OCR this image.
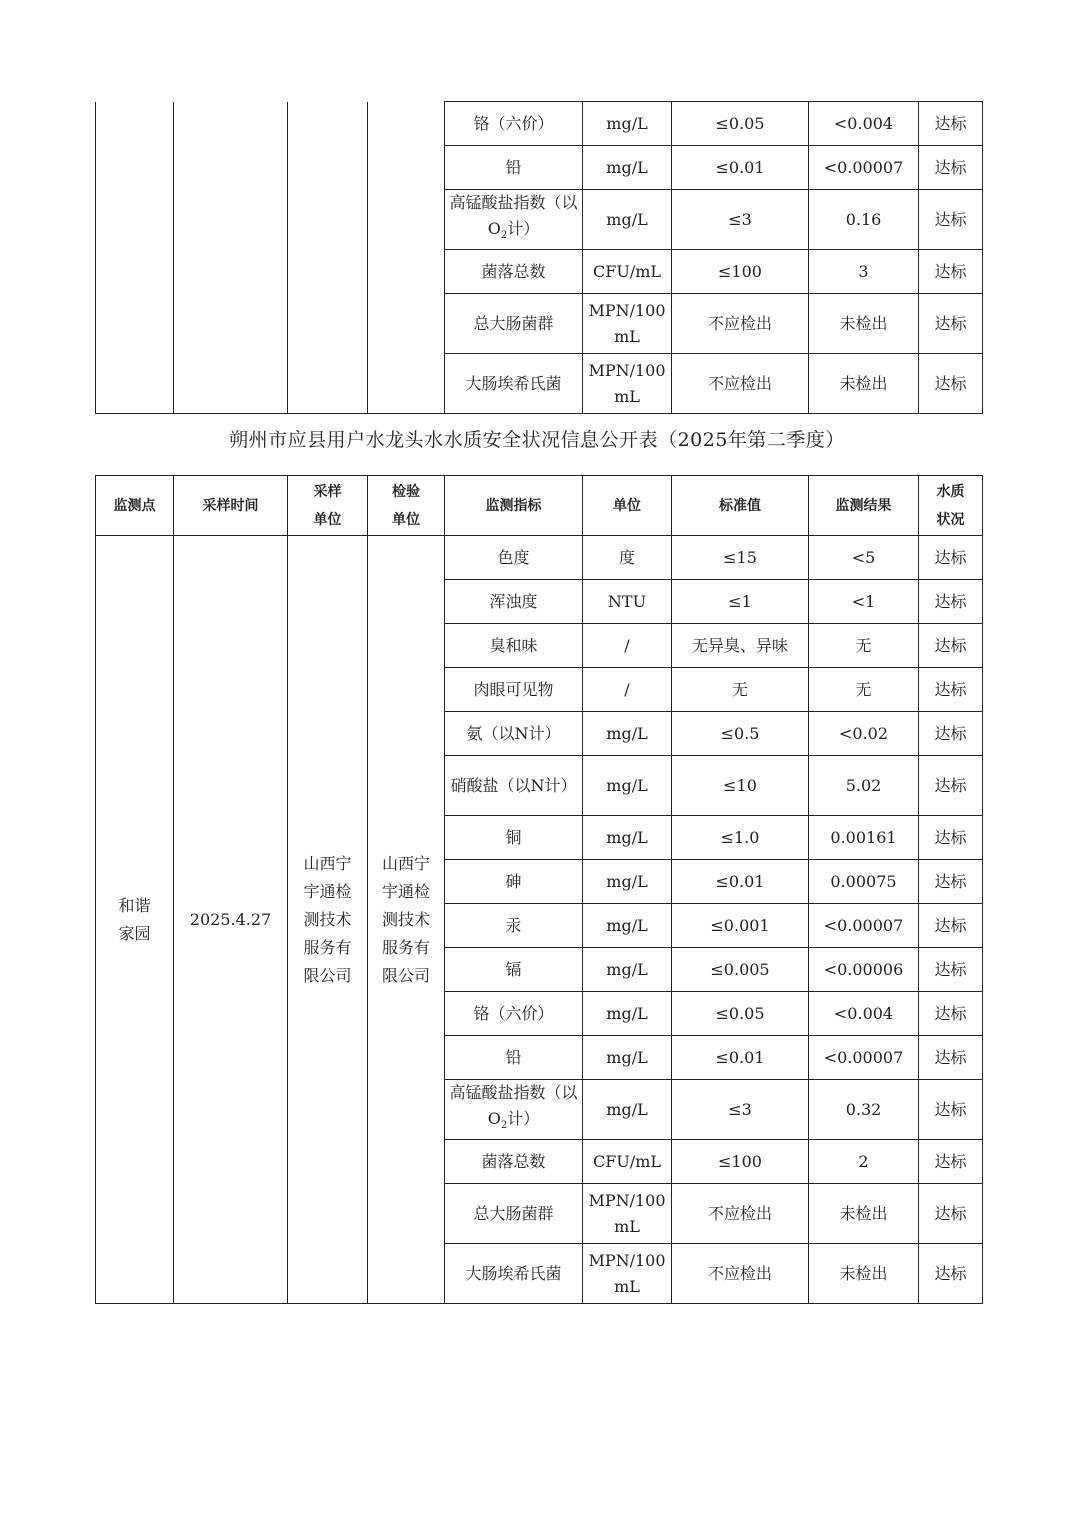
				铬（六价）	mg/L	≤0.05	<0.004	达标
				铅	mg/L	≤0.01	<0.00007	达标
				高锰酸盐指数（以$O_2$计）	mg/L	≤3	0.16	达标
				菌落总数	CFU/mL	≤100	3	达标
				总大肠菌群	MPN/100 mL	不应检出	未检出	达标
				大肠埃希氏菌	MPN/100 mL	不应检出	未检出	达标
朔州市应县用户水龙头水水质安全状况信息公开表（2025年第二季度）
监测点	采样时间	采样单位	检验单位	监测指标	单位	标准值	监测结果	水质状况
和谐家园	2025.4.27	山西宁宇通检测技术服务有限公司	山西宁宇通检测技术服务有限公司	色度	度	≤15	<5	达标
				浑浊度	NTU	≤1	<1	达标
				臭和味	/	无异臭、异味	无	达标
				肉眼可见物	/	无	无	达标
				氨（以N计）	mg/L	≤0.5	<0.02	达标
				硝酸盐（以N计）	mg/L	≤10	5.02	达标
				铜	mg/L	≤1.0	0.00161	达标
				砷	mg/L	≤0.01	0.00075	达标
				汞	mg/L	≤0.001	<0.00007	达标
				镉	mg/L	≤0.005	<0.00006	达标
				铬（六价）	mg/L	≤0.05	<0.004	达标
				铅	mg/L	≤0.01	<0.00007	达标
				高锰酸盐指数（以$O_2$计）	mg/L	≤3	0.32	达标
				菌落总数	CFU/mL	≤100	2	达标
				总大肠菌群	MPN/100 mL	不应检出	未检出	达标
				大肠埃希氏菌	MPN/100 mL	不应检出	未检出	达标
